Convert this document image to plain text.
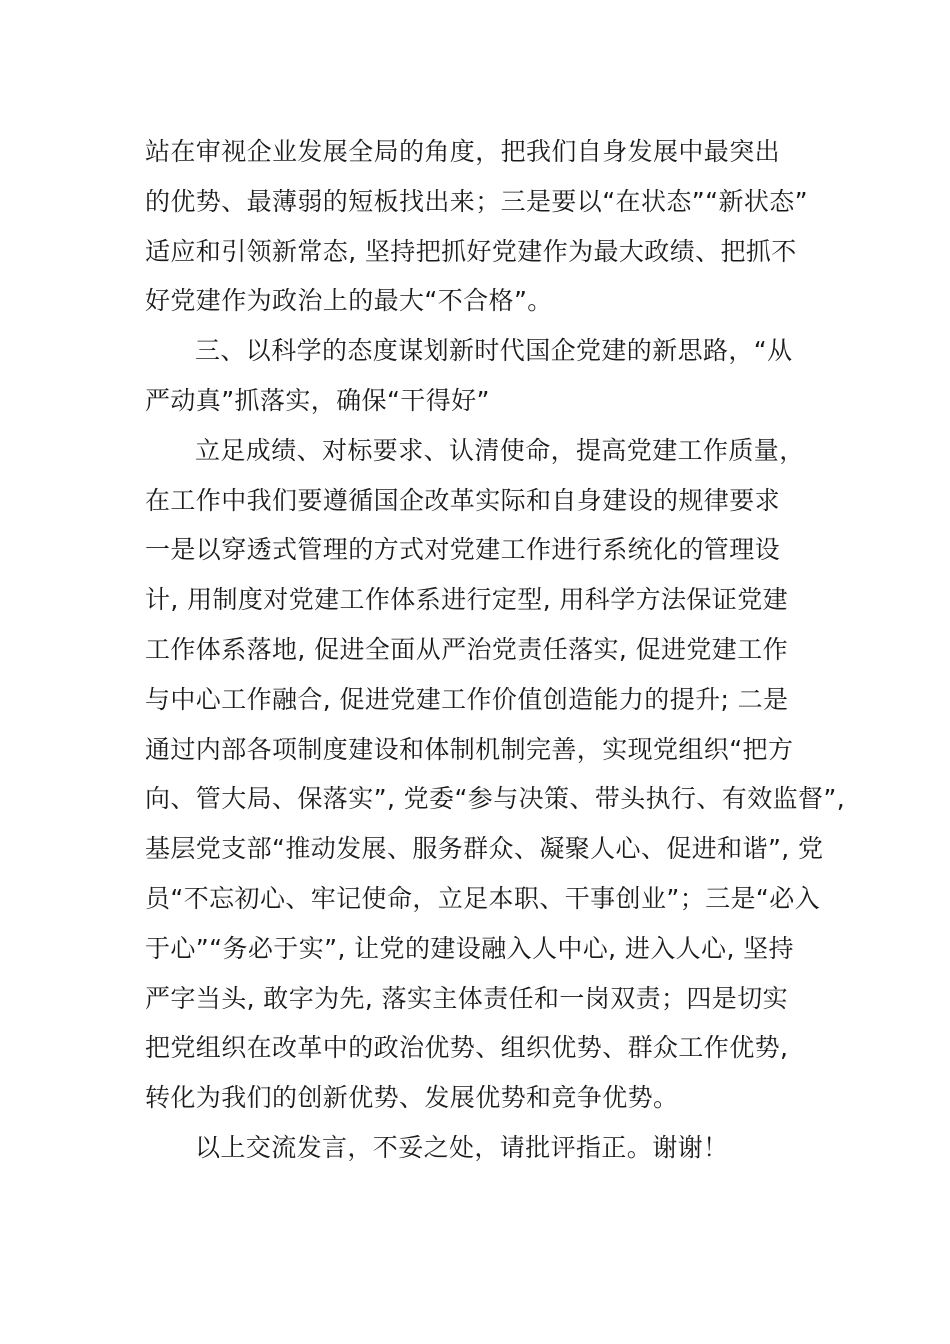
站在审视企业发展全局的角度，把我们自身发展中最突出
的优势、最薄弱的短板找出来；三是要以“在状态”“新状态”
适应和引领新常态, 坚持把抓好党建作为最大政绩、把抓不
好党建作为政治上的最大“不合格”。
三、以科学的态度谋划新时代国企党建的新思路，“从
严动真”抓落实，确保“干得好”
立足成绩、对标要求、认清使命，提高党建工作质量，
在工作中我们要遵循国企改革实际和自身建设的规律要求
一是以穿透式管理的方式对党建工作进行系统化的管理设
计, 用制度对党建工作体系进行定型, 用科学方法保证党建
工作体系落地, 促进全面从严治党责任落实, 促进党建工作
与中心工作融合, 促进党建工作价值创造能力的提升; 二是
通过内部各项制度建设和体制机制完善，实现党组织“把方
向、管大局、保落实”, 党委“参与决策、带头执行、有效监督”,
基层党支部“推动发展、服务群众、凝聚人心、促进和谐”, 党
员“不忘初心、牢记使命，立足本职、干事创业”；三是“必入
于心”“务必于实”, 让党的建设融入人中心, 进入人心, 坚持
严字当头, 敢字为先, 落实主体责任和一岗双责；四是切实
把党组织在改革中的政治优势、组织优势、群众工作优势,
转化为我们的创新优势、发展优势和竞争优势。
以上交流发言，不妥之处，请批评指正。谢谢！
